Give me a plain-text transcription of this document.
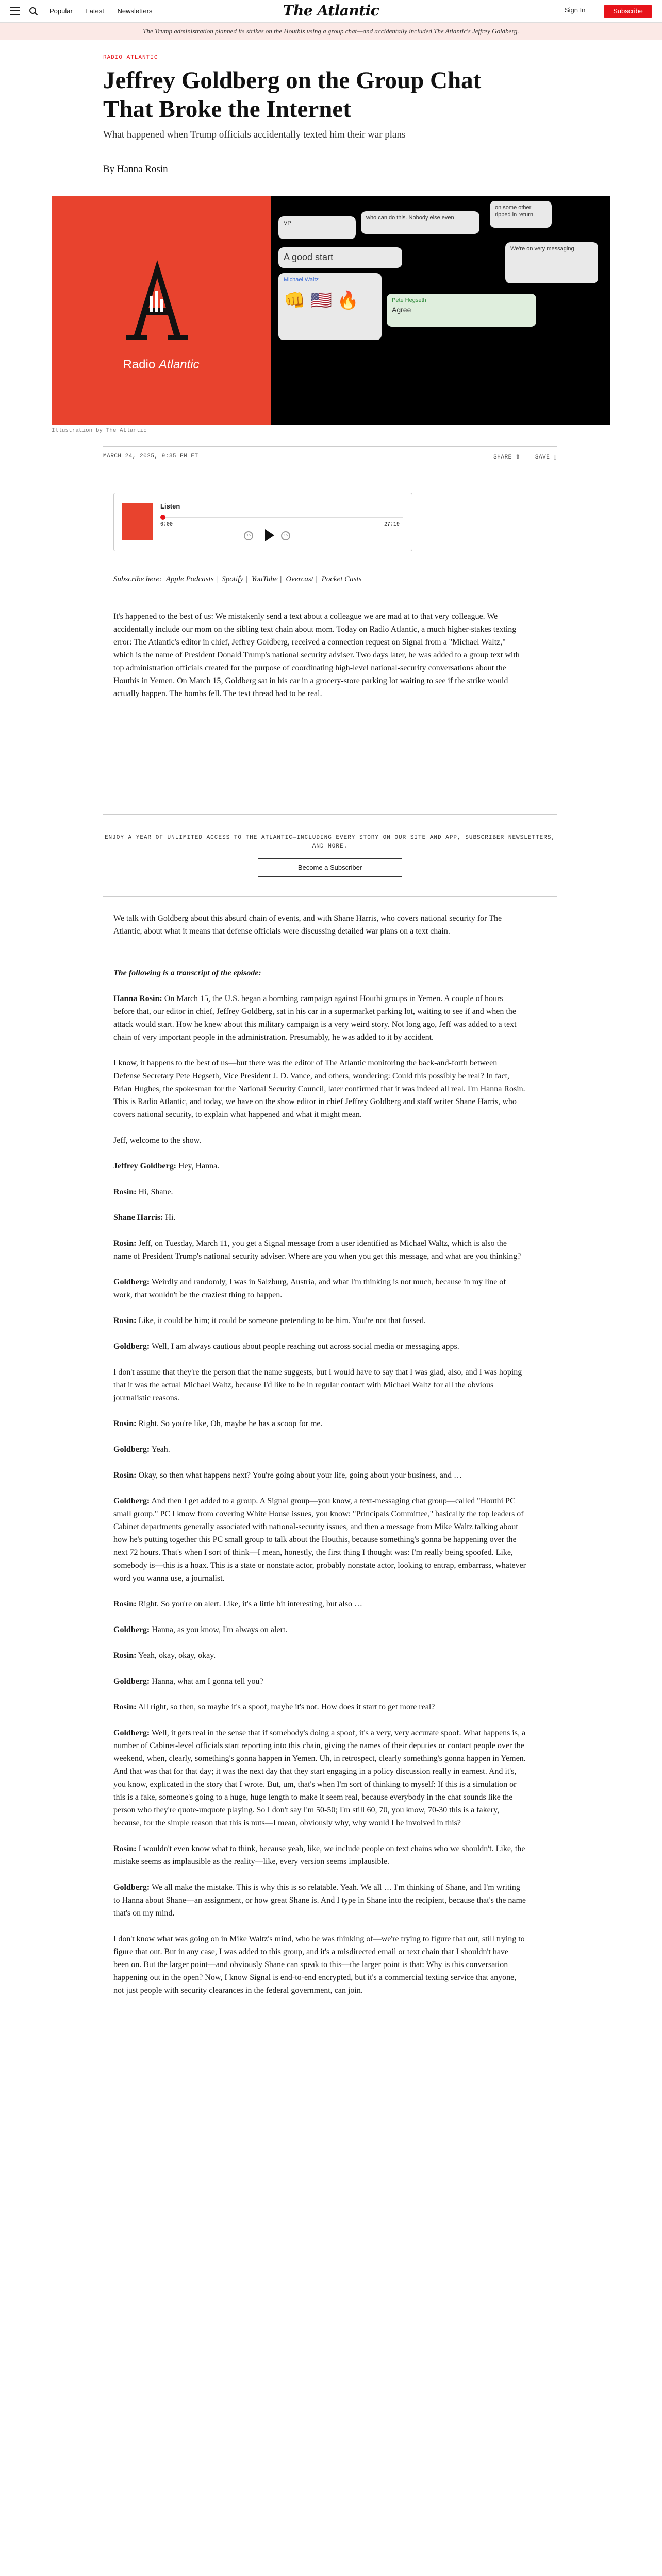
Popular Latest Newsletters	The Atlantic	Sign In	Subscribe
The Trump administration planned its strikes on the Houthis using a group chat—and accidentally included The Atlantic's Jeffrey Goldberg.
RADIO ATLANTIC
Jeffrey Goldberg on the Group Chat That Broke the Internet
What happened when Trump officials accidentally texted him their war plans
By Hanna Rosin
Radio Atlantic
VP
who can do this. Nobody else even
on some other ripped in return.
A good start
Michael Waltz
👊 🇺🇸 🔥	Pete Hegseth
Agree
We're on very messaging
Illustration by The Atlantic
MARCH 24, 2025, 9:35 PM ET	SHARE ⇧	SAVE ▯
Listen
0:00	27:19
15	15
Subscribe here: Apple Podcasts | Spotify | YouTube | Overcast | Pocket Casts

It's happened to the best of us: We mistakenly send a text about a colleague we are mad at to that very colleague. We accidentally include our mom on the sibling text chain about mom. Today on Radio Atlantic, a much higher-stakes texting error: The Atlantic's editor in chief, Jeffrey Goldberg, received a connection request on Signal from a "Michael Waltz," which is the name of President Donald Trump's national security adviser. Two days later, he was added to a group text with top administration officials created for the purpose of coordinating high-level national-security conversations about the Houthis in Yemen. On March 15, Goldberg sat in his car in a grocery-store parking lot waiting to see if the strike would actually happen. The bombs fell. The text thread had to be real.

ENJOY A YEAR OF UNLIMITED ACCESS TO THE ATLANTIC—INCLUDING EVERY STORY ON OUR SITE AND APP, SUBSCRIBER NEWSLETTERS, AND MORE.
Become a Subscriber

We talk with Goldberg about this absurd chain of events, and with Shane Harris, who covers national security for The Atlantic, about what it means that defense officials were discussing detailed war plans on a text chain.

The following is a transcript of the episode:

Hanna Rosin: On March 15, the U.S. began a bombing campaign against Houthi groups in Yemen. A couple of hours before that, our editor in chief, Jeffrey Goldberg, sat in his car in a supermarket parking lot, waiting to see if and when the attack would start. How he knew about this military campaign is a very weird story. Not long ago, Jeff was added to a text chain of very important people in the administration. Presumably, he was added to it by accident.

I know, it happens to the best of us—but there was the editor of The Atlantic monitoring the back-and-forth between Defense Secretary Pete Hegseth, Vice President J. D. Vance, and others, wondering: Could this possibly be real? In fact, Brian Hughes, the spokesman for the National Security Council, later confirmed that it was indeed all real. I'm Hanna Rosin. This is Radio Atlantic, and today, we have on the show editor in chief Jeffrey Goldberg and staff writer Shane Harris, who covers national security, to explain what happened and what it might mean.

Jeff, welcome to the show.

Jeffrey Goldberg: Hey, Hanna.

Rosin: Hi, Shane.

Shane Harris: Hi.

Rosin: Jeff, on Tuesday, March 11, you get a Signal message from a user identified as Michael Waltz, which is also the name of President Trump's national security adviser. Where are you when you get this message, and what are you thinking?

Goldberg: Weirdly and randomly, I was in Salzburg, Austria, and what I'm thinking is not much, because in my line of work, that wouldn't be the craziest thing to happen.

Rosin: Like, it could be him; it could be someone pretending to be him. You're not that fussed.

Goldberg: Well, I am always cautious about people reaching out across social media or messaging apps.

I don't assume that they're the person that the name suggests, but I would have to say that I was glad, also, and I was hoping that it was the actual Michael Waltz, because I'd like to be in regular contact with Michael Waltz for all the obvious journalistic reasons.

Rosin: Right. So you're like, Oh, maybe he has a scoop for me.

Goldberg: Yeah.

Rosin: Okay, so then what happens next? You're going about your life, going about your business, and …

Goldberg: And then I get added to a group. A Signal group—you know, a text-messaging chat group—called "Houthi PC small group." PC I know from covering White House issues, you know: "Principals Committee," basically the top leaders of Cabinet departments generally associated with national-security issues, and then a message from Mike Waltz talking about how he's putting together this PC small group to talk about the Houthis, because something's gonna be happening over the next 72 hours. That's when I sort of think—I mean, honestly, the first thing I thought was: I'm really being spoofed. Like, somebody is—this is a hoax. This is a state or nonstate actor, probably nonstate actor, looking to entrap, embarrass, whatever word you wanna use, a journalist.

Rosin: Right. So you're on alert. Like, it's a little bit interesting, but also …

Goldberg: Hanna, as you know, I'm always on alert.

Rosin: Yeah, okay, okay, okay.

Goldberg: Hanna, what am I gonna tell you?

Rosin: All right, so then, so maybe it's a spoof, maybe it's not. How does it start to get more real?

Goldberg: Well, it gets real in the sense that if somebody's doing a spoof, it's a very, very accurate spoof. What happens is, a number of Cabinet-level officials start reporting into this chain, giving the names of their deputies or contact people over the weekend, when, clearly, something's gonna happen in Yemen. Uh, in retrospect, clearly something's gonna happen in Yemen. And that was that for that day; it was the next day that they start engaging in a policy discussion really in earnest. And it's, you know, explicated in the story that I wrote. But, um, that's when I'm sort of thinking to myself: If this is a simulation or this is a fake, someone's going to a huge, huge length to make it seem real, because everybody in the chat sounds like the person who they're quote-unquote playing. So I don't say I'm 50-50; I'm still 60, 70, you know, 70-30 this is a fakery, because, for the simple reason that this is nuts—I mean, obviously why, why would I be involved in this?

Rosin: I wouldn't even know what to think, because yeah, like, we include people on text chains who we shouldn't. Like, the mistake seems as implausible as the reality—like, every version seems implausible.

Goldberg: We all make the mistake. This is why this is so relatable. Yeah. We all … I'm thinking of Shane, and I'm writing to Hanna about Shane—an assignment, or how great Shane is. And I type in Shane into the recipient, because that's the name that's on my mind.

I don't know what was going on in Mike Waltz's mind, who he was thinking of—we're trying to figure that out, still trying to figure that out. But in any case, I was added to this group, and it's a misdirected email or text chain that I shouldn't have been on. But the larger point—and obviously Shane can speak to this—the larger point is that: Why is this conversation happening out in the open? Now, I know Signal is end-to-end encrypted, but it's a commercial texting service that anyone, not just people with security clearances in the federal government, can join.
